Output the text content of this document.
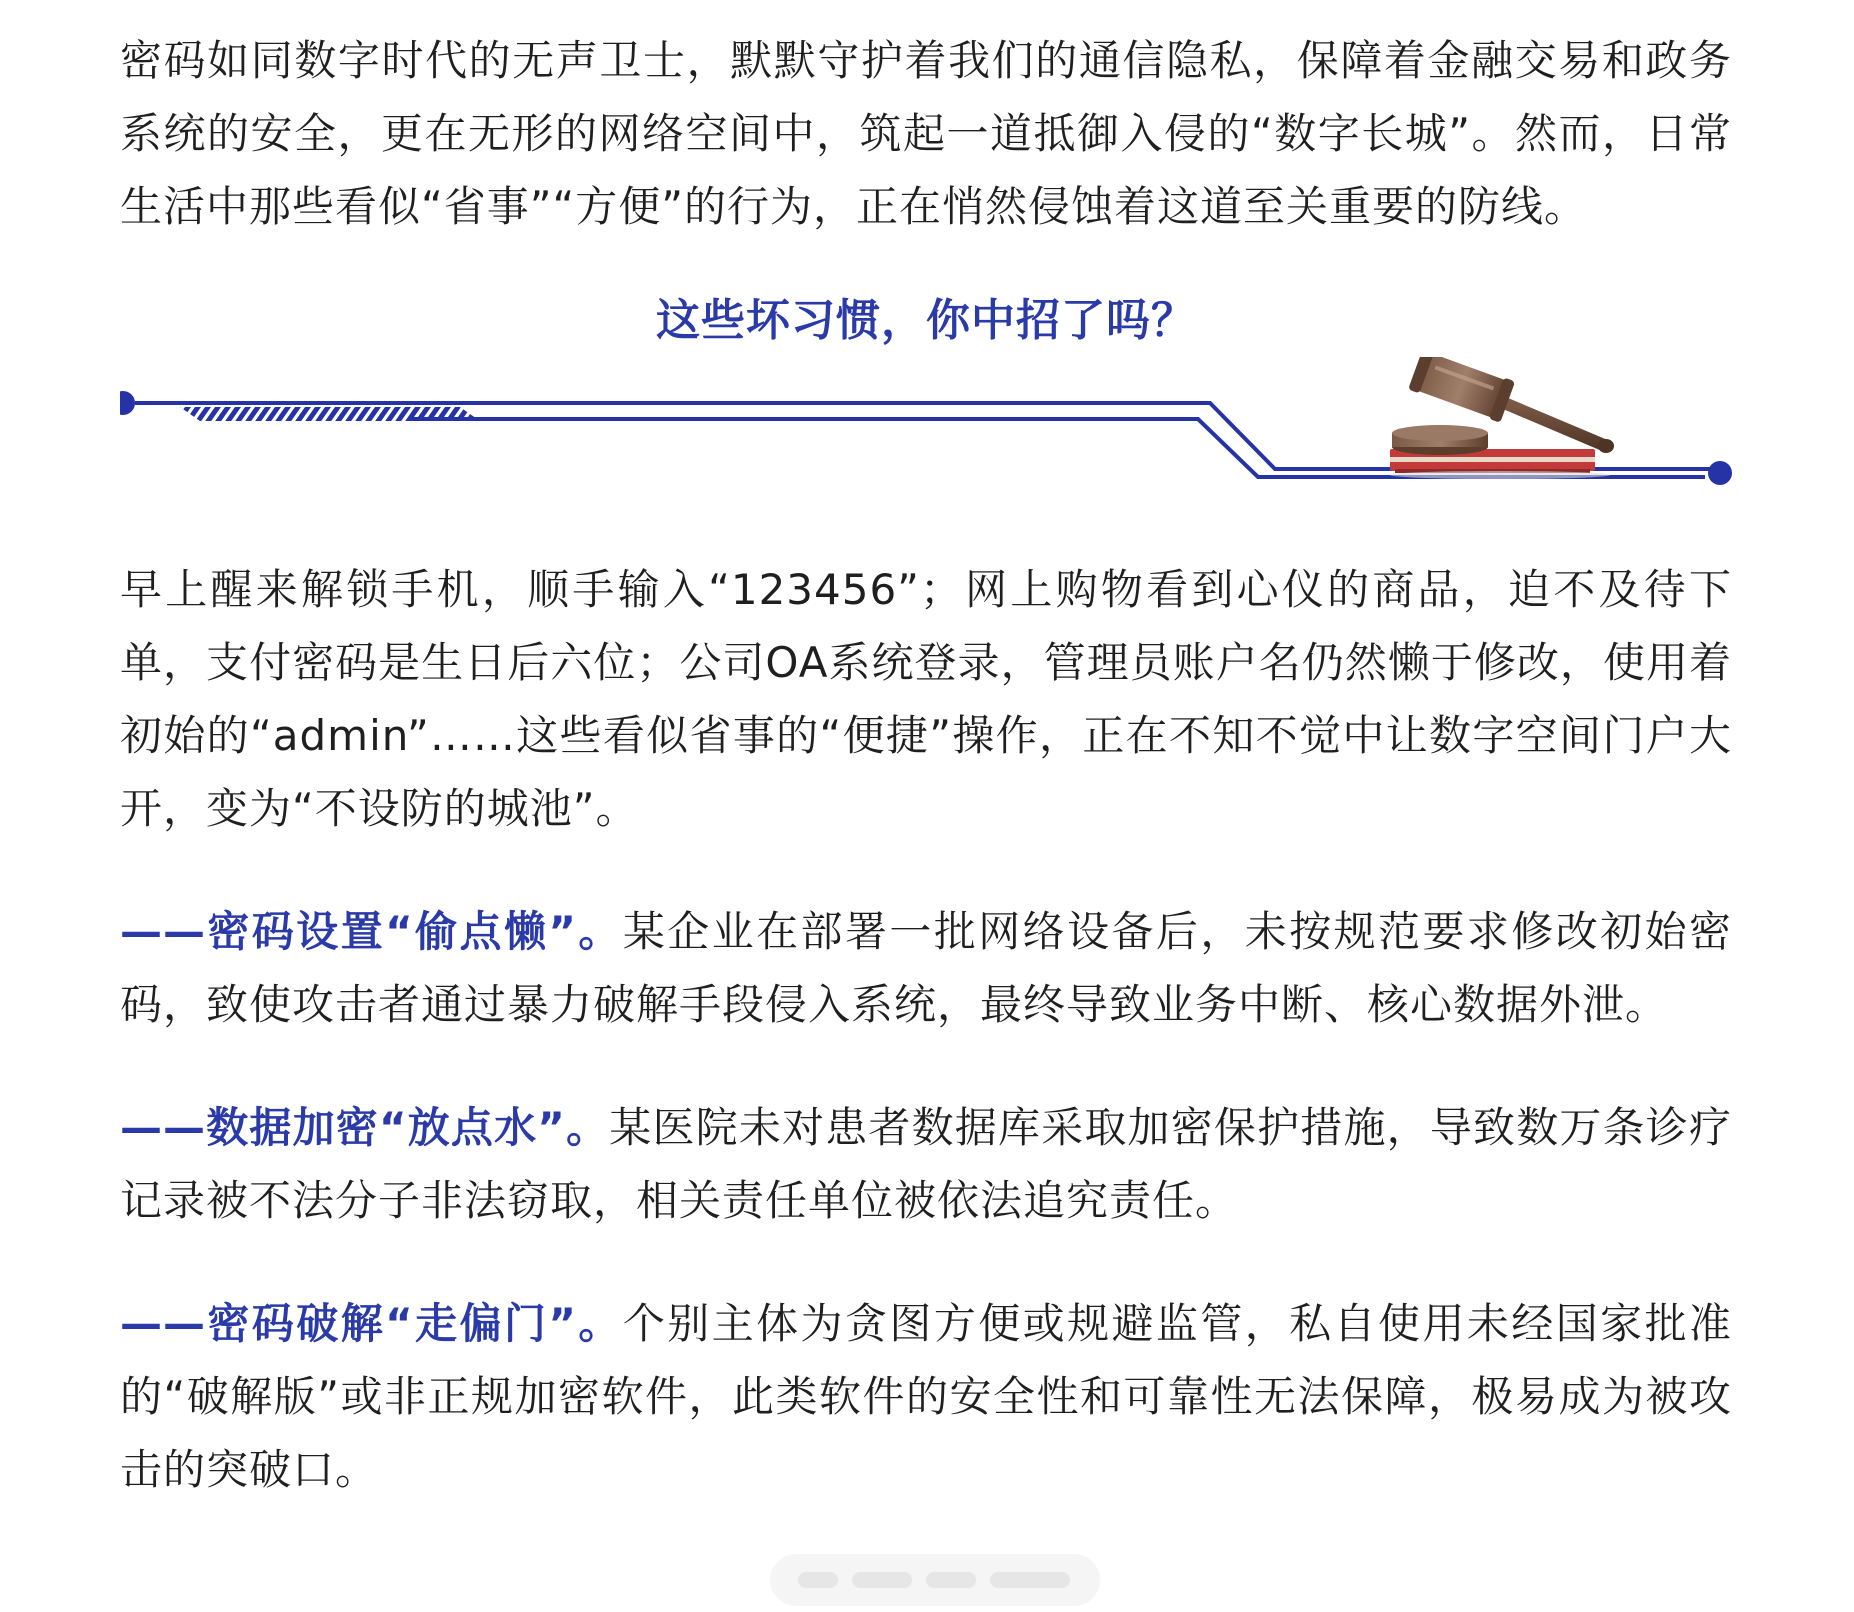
密码如同数字时代的无声卫士，默默守护着我们的通信隐私，保障着金融交易和政务系统的安全，更在无形的网络空间中，筑起一道抵御入侵的“数字长城”。然而，日常生活中那些看似“省事”“方便”的行为，正在悄然侵蚀着这道至关重要的防线。

这些坏习惯，你中招了吗？

早上醒来解锁手机，顺手输入“123456”；网上购物看到心仪的商品，迫不及待下单，支付密码是生日后六位；公司OA系统登录，管理员账户名仍然懒于修改，使用着初始的“admin”……这些看似省事的“便捷”操作，正在不知不觉中让数字空间门户大开，变为“不设防的城池”。

——密码设置“偷点懒”。某企业在部署一批网络设备后，未按规范要求修改初始密码，致使攻击者通过暴力破解手段侵入系统，最终导致业务中断、核心数据外泄。

——数据加密“放点水”。某医院未对患者数据库采取加密保护措施，导致数万条诊疗记录被不法分子非法窃取，相关责任单位被依法追究责任。

——密码破解“走偏门”。个别主体为贪图方便或规避监管，私自使用未经国家批准的“破解版”或非正规加密软件，此类软件的安全性和可靠性无法保障，极易成为被攻击的突破口。
